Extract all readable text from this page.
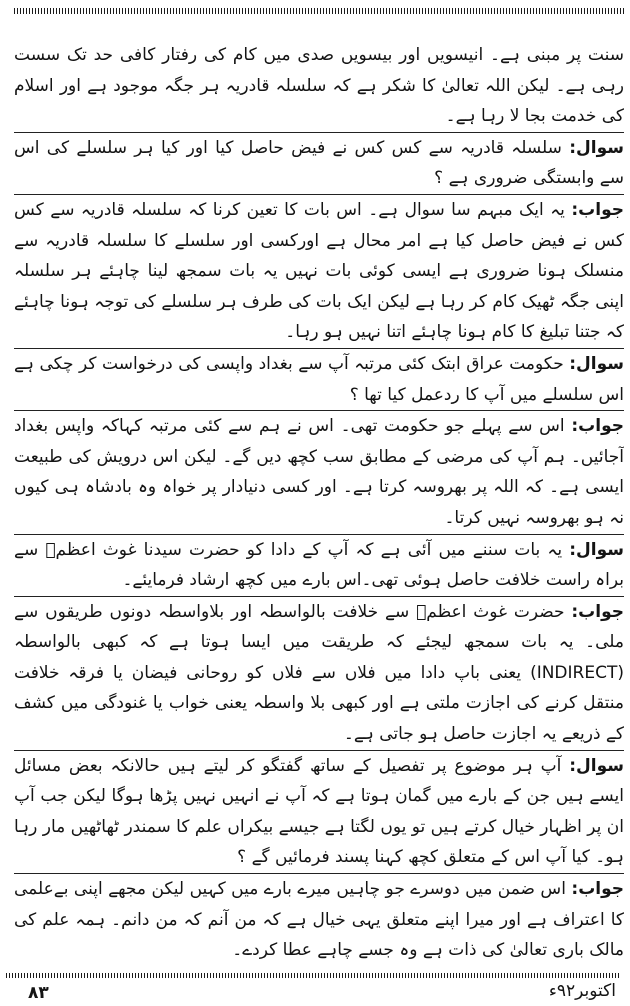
سنت پر مبنی ہے۔ انیسویں اور بیسویں صدی میں کام کی رفتار کافی حد تک سست رہی ہے۔ لیکن اللہ تعالیٰ کا شکر ہے کہ سلسلہ قادریہ ہر جگہ موجود ہے اور اسلام کی خدمت بجا لا رہا ہے۔

سوال: سلسلہ قادریہ سے کس کس نے فیض حاصل کیا اور کیا ہر سلسلے کی اس سے وابستگی ضروری ہے ؟

جواب: یہ ایک مبہم سا سوال ہے۔ اس بات کا تعین کرنا کہ سلسلہ قادریہ سے کس کس نے فیض حاصل کیا ہے امر محال ہے اورکسی اور سلسلے کا سلسلہ قادریہ سے منسلک ہونا ضروری ہے ایسی کوئی بات نہیں یہ بات سمجھ لینا چاہئے ہر سلسلہ اپنی جگہ ٹھیک کام کر رہا ہے لیکن ایک بات کی طرف ہر سلسلے کی توجہ ہونا چاہئے کہ جتنا تبلیغ کا کام ہونا چاہئے اتنا نہیں ہو رہا۔

سوال: حکومت عراق ابتک کئی مرتبہ آپ سے بغداد واپسی کی درخواست کر چکی ہے اس سلسلے میں آپ کا ردعمل کیا تھا ؟

جواب: اس سے پہلے جو حکومت تھی۔ اس نے ہم سے کئی مرتبہ کہاکہ واپس بغداد آجائیں۔ ہم آپ کی مرضی کے مطابق سب کچھ دیں گے۔ لیکن اس درویش کی طبیعت ایسی ہے۔ کہ اللہ پر بھروسہ کرتا ہے۔ اور کسی دنیادار پر خواہ وہ بادشاہ ہی کیوں نہ ہو بھروسہ نہیں کرتا۔

سوال: یہ بات سننے میں آئی ہے کہ آپ کے دادا کو حضرت سیدنا غوث اعظمؒ سے براہ راست خلافت حاصل ہوئی تھی۔اس بارے میں کچھ ارشاد فرمایئے۔

جواب: حضرت غوث اعظمؒ سے خلافت بالواسطہ اور بلاواسطہ دونوں طریقوں سے ملی۔ یہ بات سمجھ لیجئے کہ طریقت میں ایسا ہوتا ہے کہ کبھی بالواسطہ (INDIRECT) یعنی باپ دادا میں فلاں سے فلاں کو روحانی فیضان یا فرقہ خلافت منتقل کرنے کی اجازت ملتی ہے اور کبھی بلا واسطہ یعنی خواب یا غنودگی میں کشف کے ذریعے یہ اجازت حاصل ہو جاتی ہے۔

سوال: آپ ہر موضوع پر تفصیل کے ساتھ گفتگو کر لیتے ہیں حالانکہ بعض مسائل ایسے ہیں جن کے بارے میں گمان ہوتا ہے کہ آپ نے انہیں نہیں پڑھا ہوگا لیکن جب آپ ان پر اظہار خیال کرتے ہیں تو یوں لگتا ہے جیسے بیکراں علم کا سمندر ٹھاٹھیں مار رہا ہو۔ کیا آپ اس کے متعلق کچھ کہنا پسند فرمائیں گے ؟

جواب: اس ضمن میں دوسرے جو چاہیں میرے بارے میں کہیں لیکن مجھے اپنی بےعلمی کا اعتراف ہے اور میرا اپنے متعلق یہی خیال ہے کہ من آنم کہ من دانم۔ ہمہ علم کی مالک باری تعالیٰ کی ذات ہے وہ جسے چاہے عطا کردے۔

۸۳	اکتوبر۹۲ء
